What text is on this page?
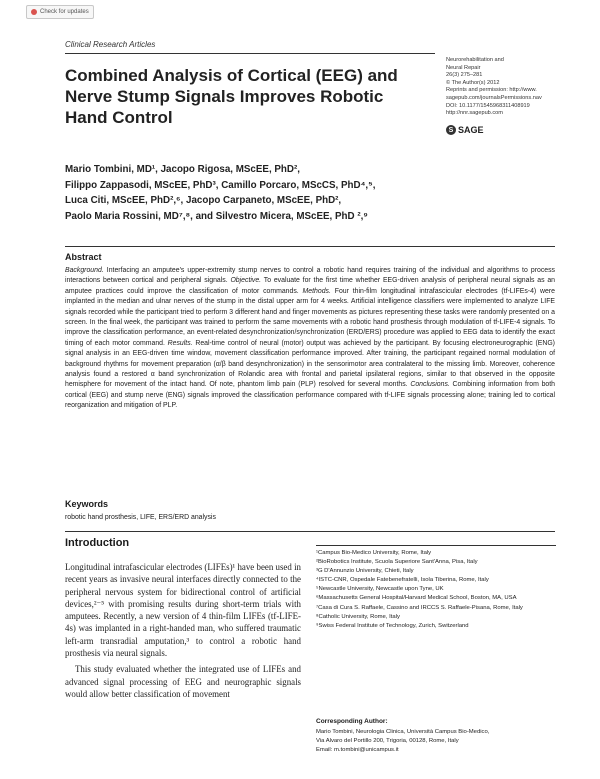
Check for updates
Clinical Research Articles
Combined Analysis of Cortical (EEG) and Nerve Stump Signals Improves Robotic Hand Control
Neurorehabilitation and
Neural Repair
26(3) 275–281
© The Author(s) 2012
Reprints and permission: http://www.
sagepub.com/journalsPermissions.nav
DOI: 10.1177/1545968311408919
http://nnr.sagepub.com
S SAGE
Mario Tombini, MD¹, Jacopo Rigosa, MScEE, PhD²,
Filippo Zappasodi, MScEE, PhD³, Camillo Porcaro, MScCS, PhD⁴,⁵,
Luca Citi, MScEE, PhD²,⁶, Jacopo Carpaneto, MScEE, PhD²,
Paolo Maria Rossini, MD⁷,⁸, and Silvestro Micera, MScEE, PhD ²,⁹
Abstract
Background. Interfacing an amputee's upper-extremity stump nerves to control a robotic hand requires training of the individual and algorithms to process interactions between cortical and peripheral signals. Objective. To evaluate for the first time whether EEG-driven analysis of peripheral neural signals as an amputee practices could improve the classification of motor commands. Methods. Four thin-film longitudinal intrafascicular electrodes (tf-LIFEs-4) were implanted in the median and ulnar nerves of the stump in the distal upper arm for 4 weeks. Artificial intelligence classifiers were implemented to analyze LIFE signals recorded while the participant tried to perform 3 different hand and finger movements as pictures representing these tasks were randomly presented on a screen. In the final week, the participant was trained to perform the same movements with a robotic hand prosthesis through modulation of tf-LIFE-4 signals. To improve the classification performance, an event-related desynchronization/synchronization (ERD/ERS) procedure was applied to EEG data to identify the exact timing of each motor command. Results. Real-time control of neural (motor) output was achieved by the participant. By focusing electroneurographic (ENG) signal analysis in an EEG-driven time window, movement classification performance improved. After training, the participant regained normal modulation of background rhythms for movement preparation (α/β band desynchronization) in the sensorimotor area contralateral to the missing limb. Moreover, coherence analysis found a restored α band synchronization of Rolandic area with frontal and parietal ipsilateral regions, similar to that observed in the opposite hemisphere for movement of the intact hand. Of note, phantom limb pain (PLP) resolved for several months. Conclusions. Combining information from both cortical (EEG) and stump nerve (ENG) signals improved the classification performance compared with tf-LIFE signals processing alone; training led to cortical reorganization and mitigation of PLP.
Keywords
robotic hand prosthesis, LIFE, ERS/ERD analysis
Introduction

Longitudinal intrafascicular electrodes (LIFEs)¹ have been used in recent years as invasive neural interfaces directly connected to the peripheral nervous system for bidirectional control of artificial devices,²⁻⁵ with promising results during short-term trials with amputees. Recently, a new version of 4 thin-film LIFEs (tf-LIFE-4s) was implanted in a right-handed man, who suffered traumatic left-arm transradial amputation,³ to control a robotic hand prosthesis via neural signals.

This study evaluated whether the integrated use of LIFEs and advanced signal processing of EEG and neurographic signals would allow better classification of movement

¹Campus Bio-Medico University, Rome, Italy
²BioRobotics Institute, Scuola Superiore Sant'Anna, Pisa, Italy
³G D'Annunzio University, Chieti, Italy
⁴ISTC-CNR, Ospedale Fatebenefratelli, Isola Tiberina, Rome, Italy
⁵Newcastle University, Newcastle upon Tyne, UK
⁶Massachusetts General Hospital/Harvard Medical School, Boston, MA, USA
⁷Casa di Cura S. Raffaele, Cassino and IRCCS S. Raffaele-Pisana, Rome, Italy
⁸Catholic University, Rome, Italy
⁹Swiss Federal Institute of Technology, Zurich, Switzerland
Corresponding Author:
Mario Tombini, Neurologia Clinica, Università Campus Bio-Medico,
Via Alvaro del Portillo 200, Trigoria, 00128, Rome, Italy
Email: m.tombini@unicampus.it
